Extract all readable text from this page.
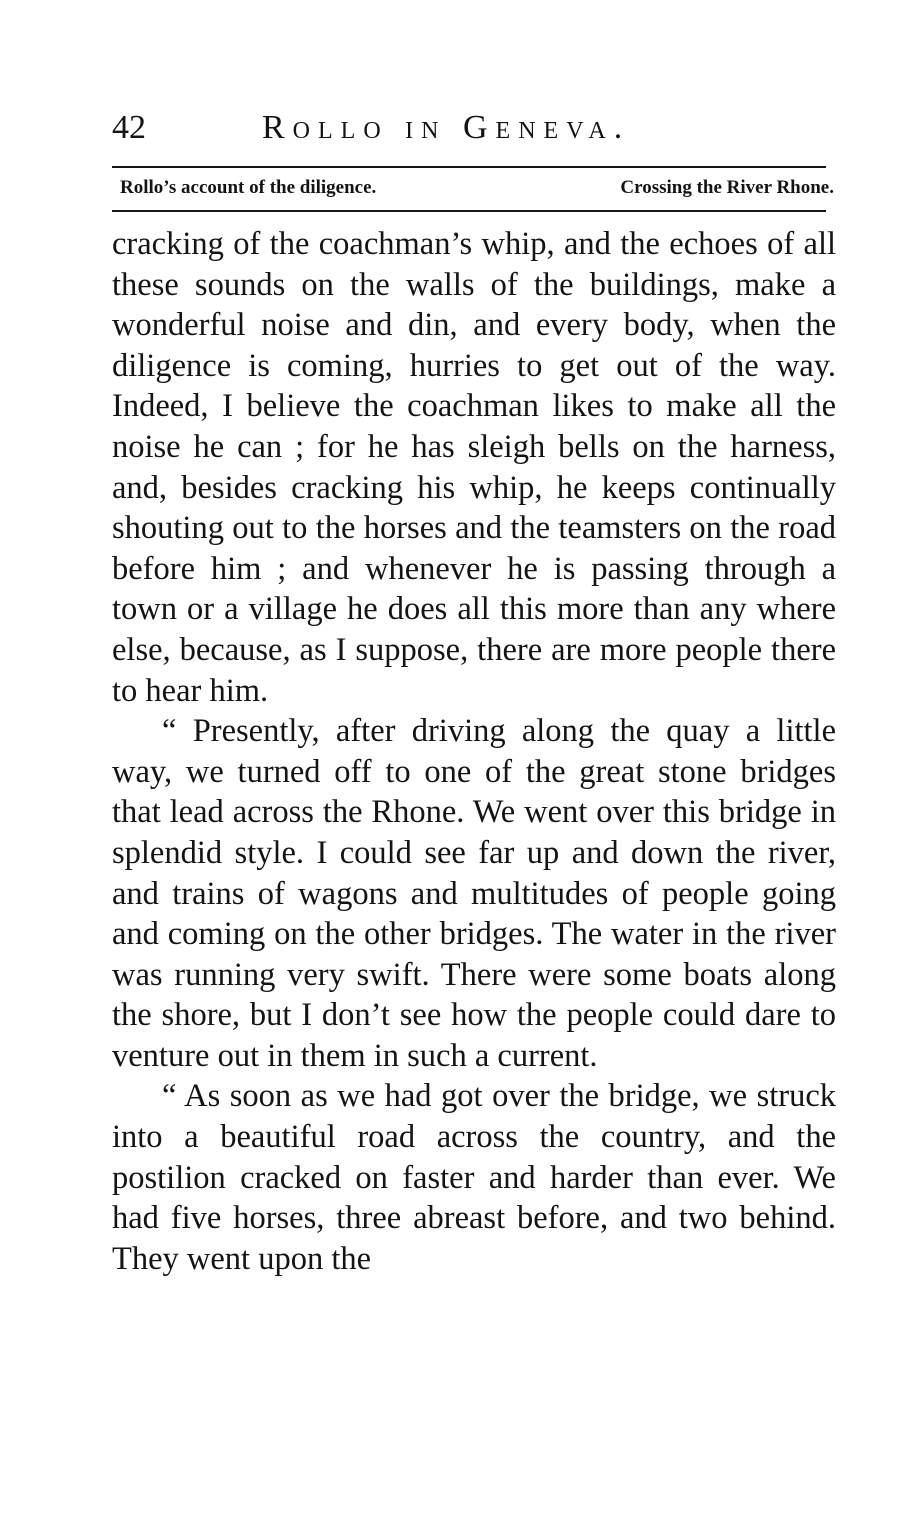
42	Rollo in Geneva.
Rollo’s account of the diligence.	Crossing the River Rhone.

cracking of the coachman’s whip, and the echoes of all these sounds on the walls of the buildings, make a wonderful noise and din, and every body, when the diligence is coming, hurries to get out of the way. Indeed, I believe the coachman likes to make all the noise he can ; for he has sleigh bells on the harness, and, besides cracking his whip, he keeps continually shouting out to the horses and the teamsters on the road before him ; and whenever he is passing through a town or a village he does all this more than any where else, because, as I suppose, there are more people there to hear him.

“ Presently, after driving along the quay a little way, we turned off to one of the great stone bridges that lead across the Rhone. We went over this bridge in splendid style. I could see far up and down the river, and trains of wagons and multitudes of people going and coming on the other bridges. The water in the river was running very swift. There were some boats along the shore, but I don’t see how the people could dare to venture out in them in such a current.

“ As soon as we had got over the bridge, we struck into a beautiful road across the country, and the postilion cracked on faster and harder than ever. We had five horses, three abreast before, and two behind. They went upon the
